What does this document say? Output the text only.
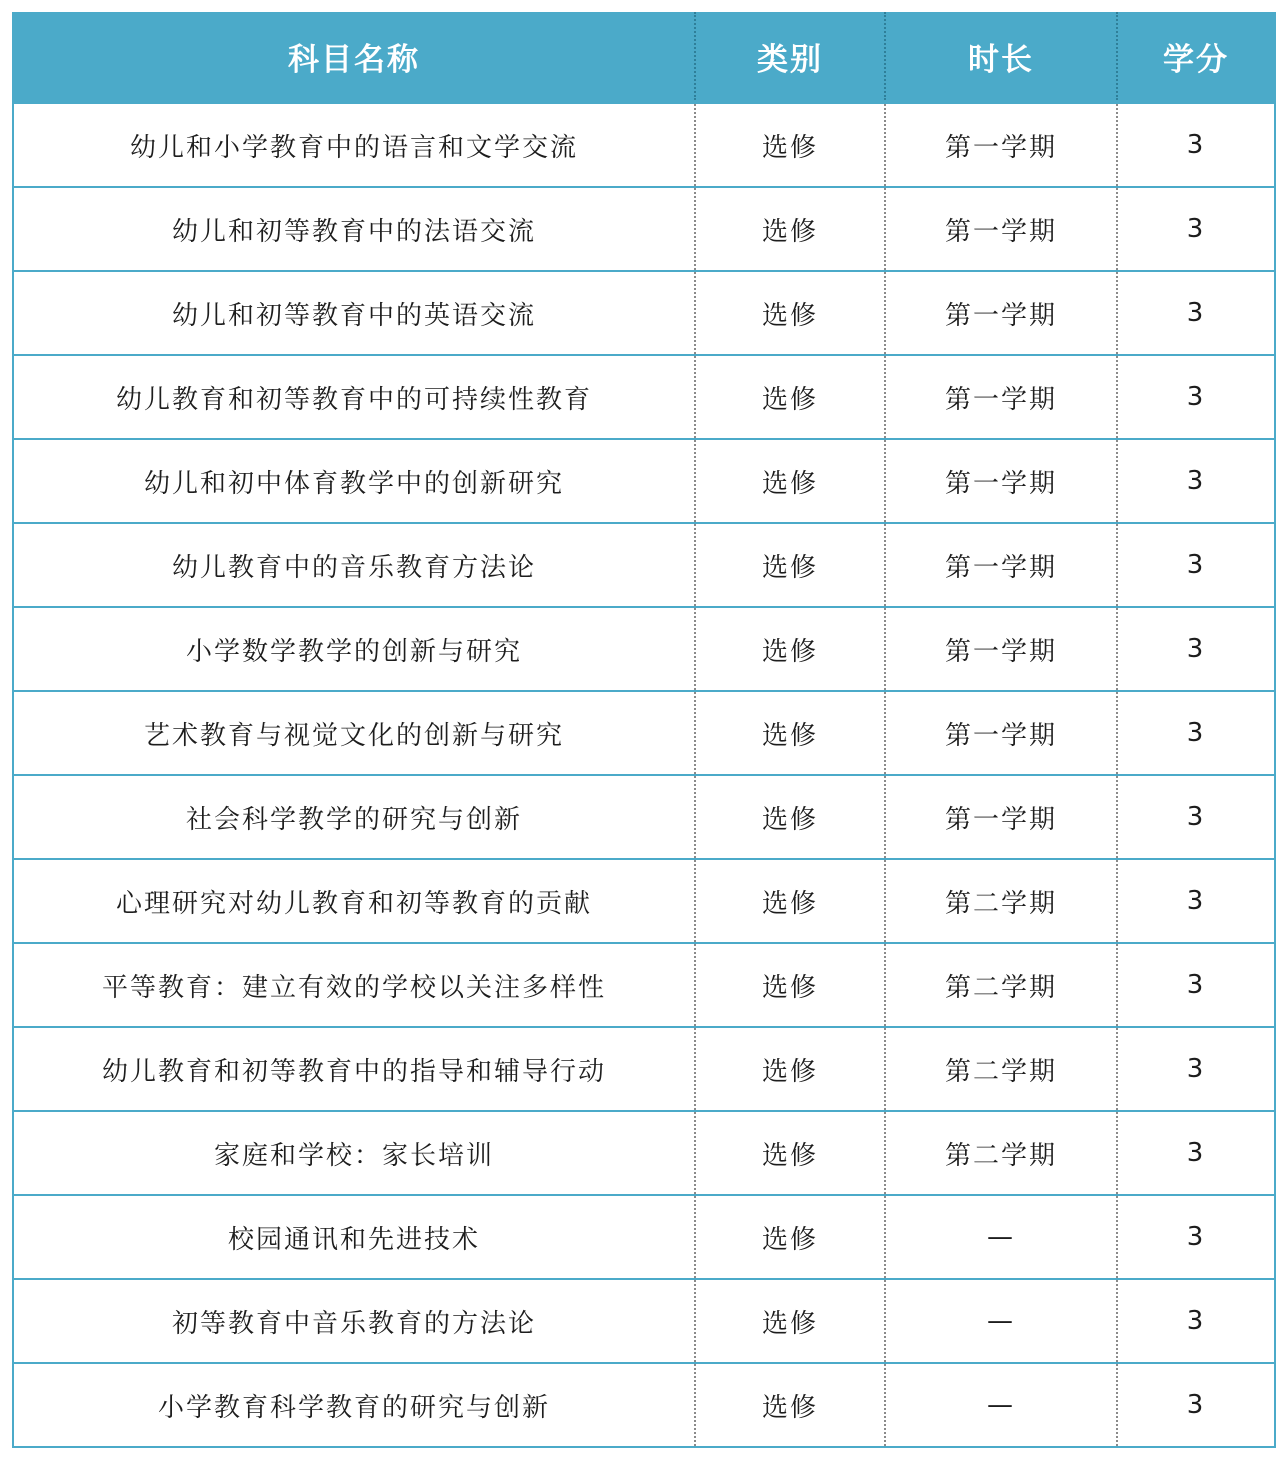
科目名称	类别	时长	学分
幼儿和小学教育中的语言和文学交流	选修	第一学期	3
幼儿和初等教育中的法语交流	选修	第一学期	3
幼儿和初等教育中的英语交流	选修	第一学期	3
幼儿教育和初等教育中的可持续性教育	选修	第一学期	3
幼儿和初中体育教学中的创新研究	选修	第一学期	3
幼儿教育中的音乐教育方法论	选修	第一学期	3
小学数学教学的创新与研究	选修	第一学期	3
艺术教育与视觉文化的创新与研究	选修	第一学期	3
社会科学教学的研究与创新	选修	第一学期	3
心理研究对幼儿教育和初等教育的贡献	选修	第二学期	3
平等教育：建立有效的学校以关注多样性	选修	第二学期	3
幼儿教育和初等教育中的指导和辅导行动	选修	第二学期	3
家庭和学校：家长培训	选修	第二学期	3
校园通讯和先进技术	选修	—	3
初等教育中音乐教育的方法论	选修	—	3
小学教育科学教育的研究与创新	选修	—	3
